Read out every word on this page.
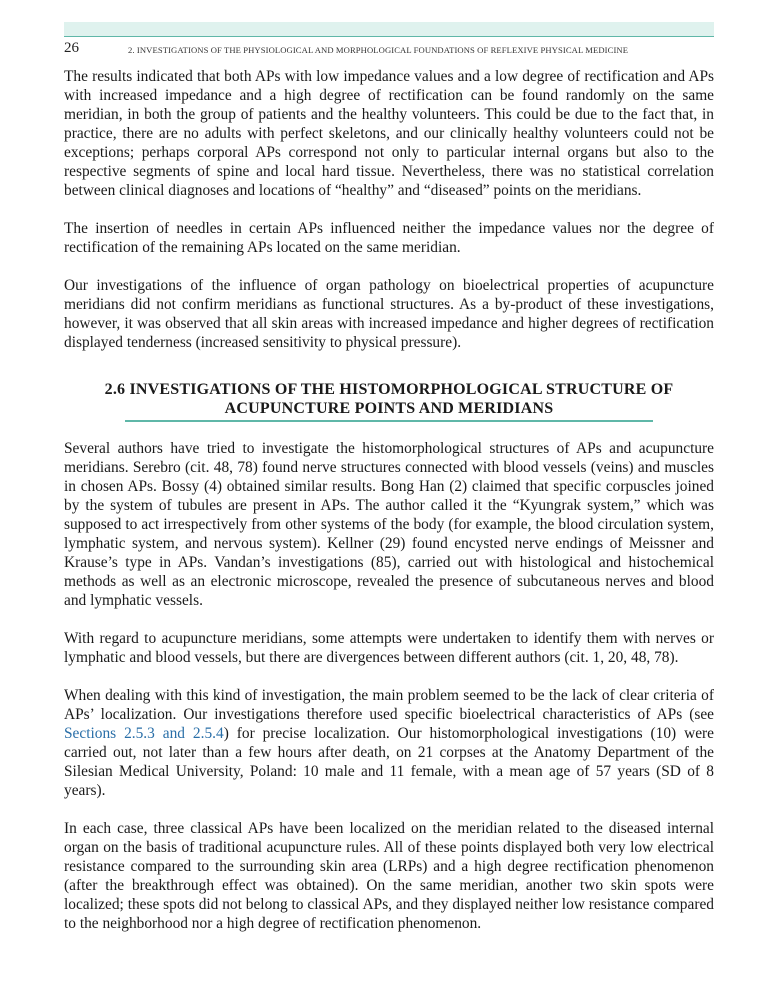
26	2. INVESTIGATIONS OF THE PHYSIOLOGICAL AND MORPHOLOGICAL FOUNDATIONS OF REFLEXIVE PHYSICAL MEDICINE

The results indicated that both APs with low impedance values and a low degree of rectification and APs with increased impedance and a high degree of rectification can be found randomly on the same meridian, in both the group of patients and the healthy volunteers. This could be due to the fact that, in practice, there are no adults with perfect skeletons, and our clinically healthy volunteers could not be exceptions; perhaps corporal APs correspond not only to particular internal organs but also to the respective segments of spine and local hard tissue. Nevertheless, there was no statistical correlation between clinical diagnoses and locations of “healthy” and “diseased” points on the meridians.

The insertion of needles in certain APs influenced neither the impedance values nor the degree of rectification of the remaining APs located on the same meridian.

Our investigations of the influence of organ pathology on bioelectrical properties of acupuncture meridians did not confirm meridians as functional structures. As a by-product of these investigations, however, it was observed that all skin areas with increased impedance and higher degrees of rectification displayed tenderness (increased sensitivity to physical pressure).

2.6 INVESTIGATIONS OF THE HISTOMORPHOLOGICAL STRUCTURE OF
ACUPUNCTURE POINTS AND MERIDIANS

Several authors have tried to investigate the histomorphological structures of APs and acupuncture meridians. Serebro (cit. 48, 78) found nerve structures connected with blood vessels (veins) and muscles in chosen APs. Bossy (4) obtained similar results. Bong Han (2) claimed that specific corpuscles joined by the system of tubules are present in APs. The author called it the “Kyungrak system,” which was supposed to act irrespectively from other systems of the body (for example, the blood circulation system, lymphatic system, and nervous system). Kellner (29) found encysted nerve endings of Meissner and Krause’s type in APs. Vandan’s investigations (85), carried out with histological and histochemical methods as well as an electronic microscope, revealed the presence of subcutaneous nerves and blood and lymphatic vessels.

With regard to acupuncture meridians, some attempts were undertaken to identify them with nerves or lymphatic and blood vessels, but there are divergences between different authors (cit. 1, 20, 48, 78).

When dealing with this kind of investigation, the main problem seemed to be the lack of clear criteria of APs’ localization. Our investigations therefore used specific bioelectrical characteristics of APs (see Sections 2.5.3 and 2.5.4) for precise localization. Our histomorphological investigations (10) were carried out, not later than a few hours after death, on 21 corpses at the Anatomy Department of the Silesian Medical University, Poland: 10 male and 11 female, with a mean age of 57 years (SD of 8 years).

In each case, three classical APs have been localized on the meridian related to the diseased internal organ on the basis of traditional acupuncture rules. All of these points displayed both very low electrical resistance compared to the surrounding skin area (LRPs) and a high degree rectification phenomenon (after the breakthrough effect was obtained). On the same meridian, another two skin spots were localized; these spots did not belong to classical APs, and they displayed neither low resistance compared to the neighborhood nor a high degree of rectification phenomenon.
